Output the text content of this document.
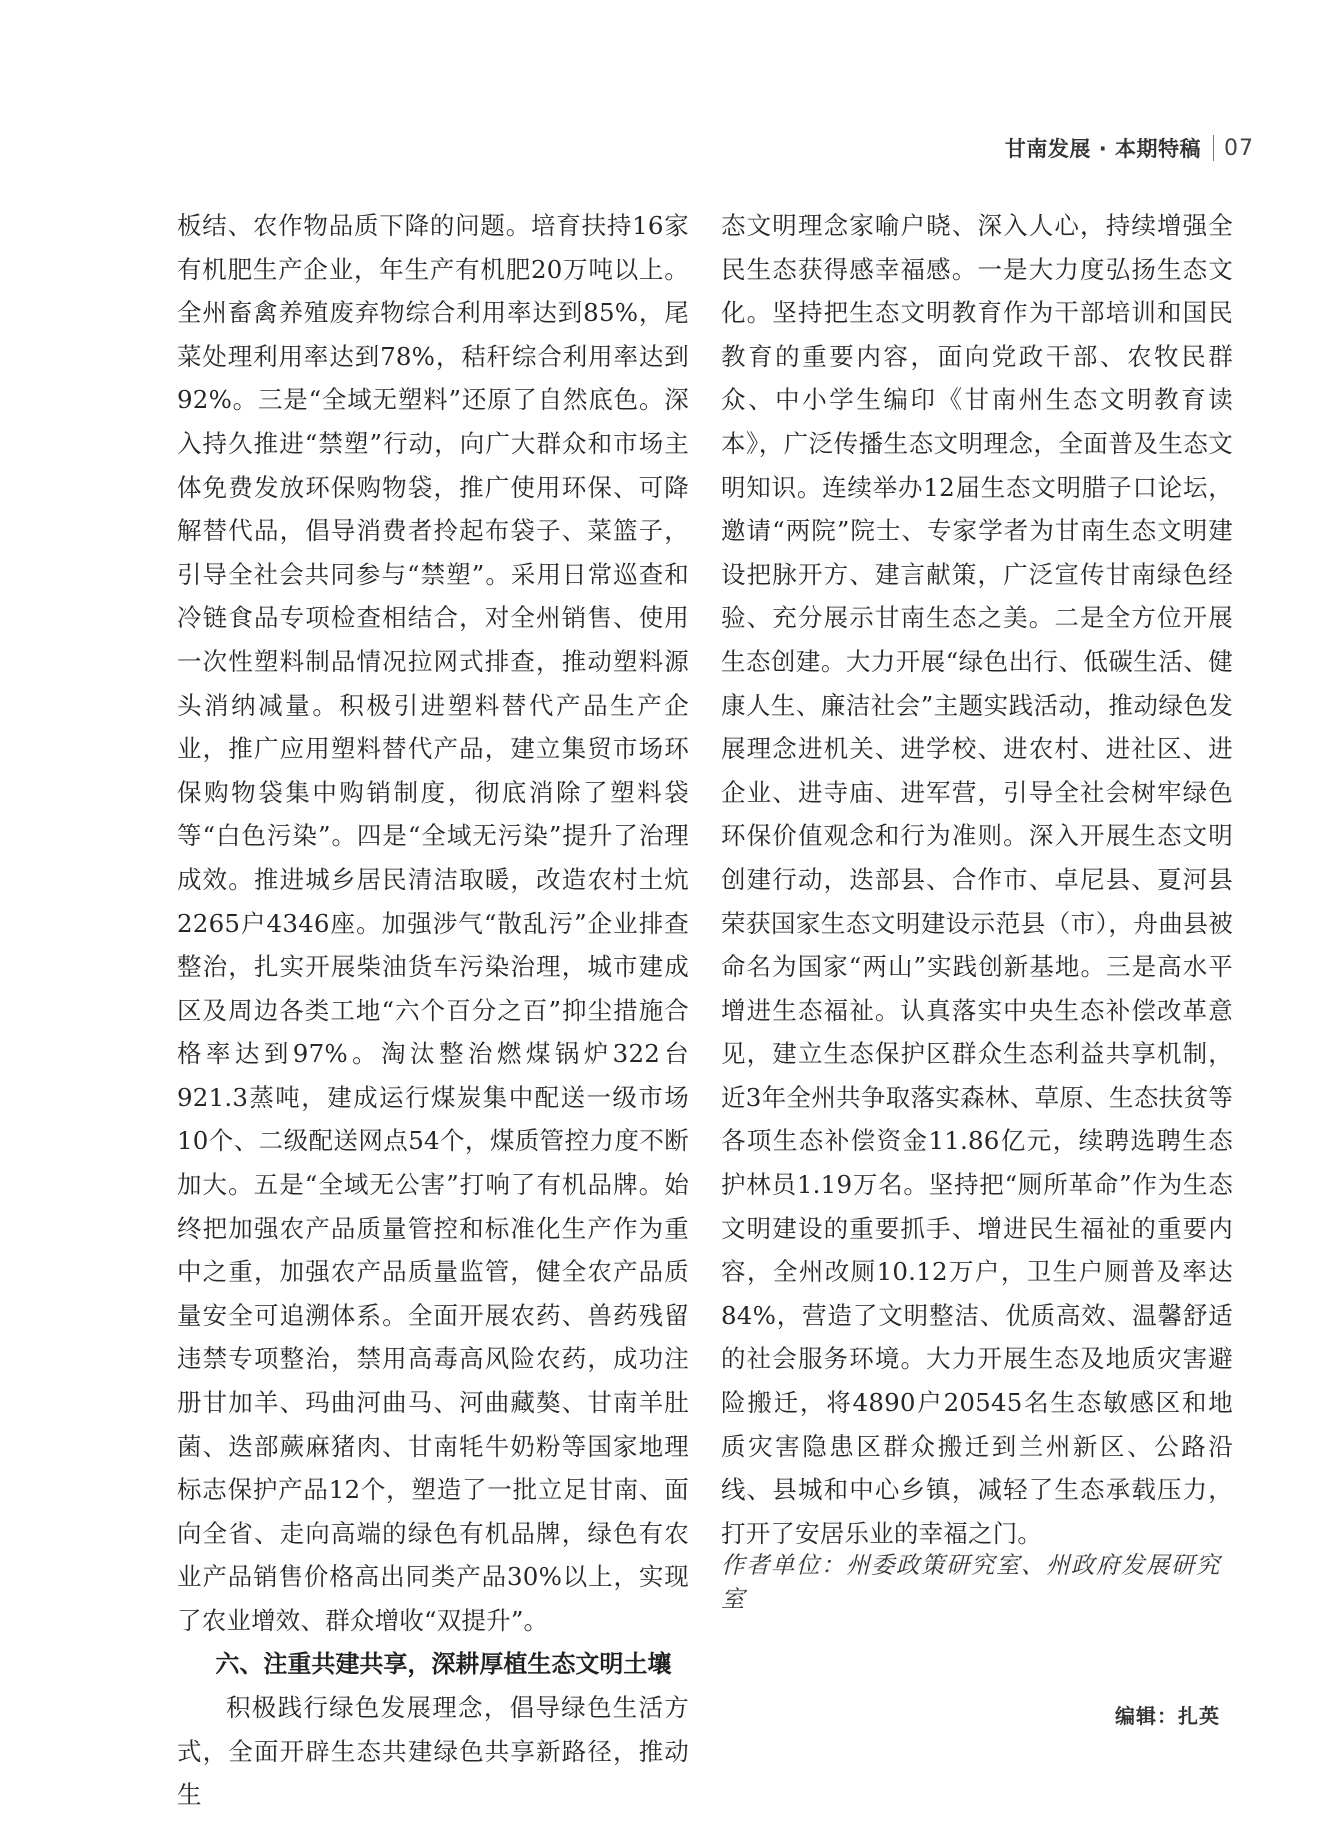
甘南发展 · 本期特稿 07

板结、农作物品质下降的问题。培育扶持16家有机肥生产企业，年生产有机肥20万吨以上。全州畜禽养殖废弃物综合利用率达到85%，尾菜处理利用率达到78%，秸秆综合利用率达到92%。三是“全域无塑料”还原了自然底色。深入持久推进“禁塑”行动，向广大群众和市场主体免费发放环保购物袋，推广使用环保、可降解替代品，倡导消费者拎起布袋子、菜篮子，引导全社会共同参与“禁塑”。采用日常巡查和冷链食品专项检查相结合，对全州销售、使用一次性塑料制品情况拉网式排查，推动塑料源头消纳减量。积极引进塑料替代产品生产企业，推广应用塑料替代产品，建立集贸市场环保购物袋集中购销制度，彻底消除了塑料袋等“白色污染”。四是“全域无污染”提升了治理成效。推进城乡居民清洁取暖，改造农村土炕2265户4346座。加强涉气“散乱污”企业排查整治，扎实开展柴油货车污染治理，城市建成区及周边各类工地“六个百分之百”抑尘措施合格率达到97%。淘汰整治燃煤锅炉322台921.3蒸吨，建成运行煤炭集中配送一级市场10个、二级配送网点54个，煤质管控力度不断加大。五是“全域无公害”打响了有机品牌。始终把加强农产品质量管控和标准化生产作为重中之重，加强农产品质量监管，健全农产品质量安全可追溯体系。全面开展农药、兽药残留违禁专项整治，禁用高毒高风险农药，成功注册甘加羊、玛曲河曲马、河曲藏獒、甘南羊肚菌、迭部蕨麻猪肉、甘南牦牛奶粉等国家地理标志保护产品12个，塑造了一批立足甘南、面向全省、走向高端的绿色有机品牌，绿色有农业产品销售价格高出同类产品30%以上，实现了农业增效、群众增收“双提升”。

六、注重共建共享，深耕厚植生态文明土壤

积极践行绿色发展理念，倡导绿色生活方式，全面开辟生态共建绿色共享新路径，推动生

态文明理念家喻户晓、深入人心，持续增强全民生态获得感幸福感。一是大力度弘扬生态文化。坚持把生态文明教育作为干部培训和国民教育的重要内容，面向党政干部、农牧民群众、中小学生编印《甘南州生态文明教育读本》，广泛传播生态文明理念，全面普及生态文明知识。连续举办12届生态文明腊子口论坛，邀请“两院”院士、专家学者为甘南生态文明建设把脉开方、建言献策，广泛宣传甘南绿色经验、充分展示甘南生态之美。二是全方位开展生态创建。大力开展“绿色出行、低碳生活、健康人生、廉洁社会”主题实践活动，推动绿色发展理念进机关、进学校、进农村、进社区、进企业、进寺庙、进军营，引导全社会树牢绿色环保价值观念和行为准则。深入开展生态文明创建行动，迭部县、合作市、卓尼县、夏河县荣获国家生态文明建设示范县（市），舟曲县被命名为国家“两山”实践创新基地。三是高水平增进生态福祉。认真落实中央生态补偿改革意见，建立生态保护区群众生态利益共享机制，近3年全州共争取落实森林、草原、生态扶贫等各项生态补偿资金11.86亿元，续聘选聘生态护林员1.19万名。坚持把“厕所革命”作为生态文明建设的重要抓手、增进民生福祉的重要内容，全州改厕10.12万户，卫生户厕普及率达84%，营造了文明整洁、优质高效、温馨舒适的社会服务环境。大力开展生态及地质灾害避险搬迁，将4890户20545名生态敏感区和地质灾害隐患区群众搬迁到兰州新区、公路沿线、县城和中心乡镇，减轻了生态承载压力，打开了安居乐业的幸福之门。

作者单位：州委政策研究室、州政府发展研究室
编辑：扎英
